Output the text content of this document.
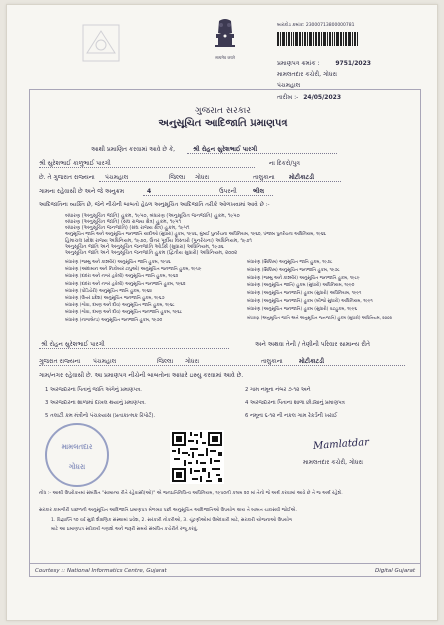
सत्यमेव जयते
બારકોડ ક્રમાંક: 23000713800000781
પ્રમાણપત્ર ક્રમાંક :	9751/2023
મામલતદાર કચેરી, ગોધરા
પંચમહાલ
તારીખ :- 24/05/2023
ગુજરાત સરકાર
અનુસૂચિત આદિજાતિ પ્રમાણપત્ર
આથી પ્રમાણિત કરવામાં આવે છે કે,	શ્રી રોહન સુરેશભાઈ પારગી
શ્રી સુરેશભાઈ કાળુભાઈ પારગી	ના દિકરો/પુત્ર
છે. તે ગુજરાત રાજ્યના પંચમહાલ	જિલ્લા ગોધરા	તાલુકાના મોટીકાટડી
ગામના રહેવાસી છે અને જે અનુક્રમ	4	ઉપરની	ભીલ
આદિજાતિના વ્યક્તિ છે, જેને નીચેની બાબતો હેઠળ અનુસૂચિત આદિજાતિ તરીકે ઓળખવામાં આવે છે :-
બંધારણ (અનુસૂચિત જાતિ) હુકમ, ૧૯૫૦, બંધારણ (અનુસૂચિત જનજાતિ) હુકમ, ૧૯૫૦
બંધારણ (અનુસૂચિત જાતિ) (સંઘ રાજ્ય ક્ષેત્ર) હુકમ, ૧૯૫૧
બંધારણ (અનુસૂચિત જનજાતિ) (સંઘ રાજ્ય ક્ષેત્ર) હુકમ, ૧૯૫૧
અનુસૂચિત જાતિ અને અનુસૂચિત જનજાતિ યાદીઓ (સુધારા) હુકમ, ૧૯૫૬, મુંબઈ પુનર્રચના અધિનિયમ, ૧૯૬૦, પંજાબ પુનર્રચના અધિનિયમ, ૧૯૬૬
હિમાચલ પ્રદેશ રાજ્ય અધિનિયમ, ૧૯૭૦, ઉત્તર પૂર્વીય વિસ્તારો (પુનર્રચના) અધિનિયમ, ૧૯૭૧
અનુસૂચિત જાતિ અને અનુસૂચિત જનજાતિ ઓર્ડર્સ (સુધારા) અધિનિયમ, ૧૯૭૬
અનુસૂચિત જાતિ અને અનુસૂચિત જનજાતિ હુકમ (દ્વિતીય સુધારો) અધિનિયમ, ૨૦૦૨
બંધારણ (જમ્મુ અને કાશ્મીર) અનુસૂચિત જાતિ હુકમ, ૧૯૫૬
બંધારણ (આંદામાન અને નિકોબાર ટાપુઓ) અનુસૂચિત જનજાતિ હુકમ, ૧૯૫૯
બંધારણ (દાદરા અને નગર હવેલી) અનુસૂચિત જાતિ હુકમ, ૧૯૬૨
બંધારણ (દાદરા અને નગર હવેલી) અનુસૂચિત જનજાતિ હુકમ, ૧૯૬૨
બંધારણ (પોંડિચેરી) અનુસૂચિત જાતિ હુકમ, ૧૯૬૪
બંધારણ (ઉત્તર પ્રદેશ) અનુસૂચિત જનજાતિ હુકમ, ૧૯૬૭
બંધારણ (ગોવા, દમણ અને દીવ) અનુસૂચિત જાતિ હુકમ, ૧૯૬૮
બંધારણ (ગોવા, દમણ અને દીવ) અનુસૂચિત જનજાતિ હુકમ, ૧૯૬૮
બંધારણ (નાગાલેન્ડ) અનુસૂચિત જનજાતિ હુકમ, ૧૯૭૦
બંધારણ (સિક્કિમ) અનુસૂચિત જાતિ હુકમ, ૧૯૭૮
બંધારણ (સિક્કિમ) અનુસૂચિત જનજાતિ હુકમ, ૧૯૭૮
બંધારણ (જમ્મુ અને કાશ્મીર) અનુસૂચિત જનજાતિ હુકમ, ૧૯૮૯
બંધારણ (અનુસૂચિત જાતિ) હુકમ (સુધારો) અધિનિયમ, ૧૯૯૦
બંધારણ (અનુસૂચિત જનજાતિ) હુકમ (સુધારો) અધિનિયમ, ૧૯૯૧
બંધારણ (અનુસૂચિત જનજાતિ) હુકમ (બીજો સુધારો) અધિનિયમ, ૧૯૯૧
બંધારણ (અનુસૂચિત જનજાતિ) હુકમ (સુધારો) વટહુકમ, ૧૯૯૬
બંધારણ (અનુસૂચિત જાતિ અને અનુસૂચિત જનજાતિ) હુકમ (સુધારો) અધિનિયમ, ૨૦૦૨
શ્રી રોહન સુરેશભાઈ પારગી	અને અથવા તેની / તેણીની પરિવાર સામાન્ય રીતે
ગુજરાત રાજ્યના પંચમહાલ	જિલ્લા ગોધરા	તાલુકાના	મોટીકાટડી
ગામ/નગર રહેવાસી છે. આ પ્રમાણપત્ર નીચેની બાબતોના આધારે ઇસ્યુ કરવામાં આવે છે.
1 અરજદારના પિતાનું જાતિ અંગેનું પ્રમાણપત્ર.	2 ગામ નમૂના નંબર ૭-૧૨ અને
3 અરજદારના શાળામાં દાખલ થયાનું પ્રમાણપત્ર.	4 અરજદારના પિતાના શાળા છોડ્યાનું પ્રમાણપત્ર
5 તલાટી કમ મંત્રીનો પંચકયાસ (પ્રતાકાત્મક રિપોર્ટ).	6 નમૂના ૬-૧૨ ની નકલ ગામ રેકર્ડની ખરાઈ
મામલતદાર
ગોધરા
Mamlatdar
મામલતદાર કચેરી, ગોધરા
નોંધ :- આથી ઉપરોક્તમાં સંબંધિત "સામાન્ય રીતે રહેવાસી(ઓ)" એ જનપ્રતિનિધિત્વ અધિનિયમ, ૧૯૫૦ની કલમ ૨૦ માં તેનો જે અર્થ કરવામાં આવે છે તે જ અર્થ રહેશે.
સરકાર કામગીરી પાછળની અનુસૂચિત આદિજાતિ પ્રમાણપત્ર મેળવ્યા પછી અનુસૂચિત આદિજાતિઓ ઉપયોગ થાય તે બાબત ચકાસવી જોઈએ.
1. વિજ્ઞાપ્તિ ૧૦ વર્ષ સુધી શૈક્ષણિક સંસ્થામાં પ્રવેશ, 2. સરકારી નોકરીઓ, 3. ચૂંટણીઓમાં ઉમેદવારી માટે, સરકારી યોજનાઓ ઉપયોગ
માટે આ પ્રમાણપત્ર સ્વીકાર્ય ગણાશે અને જરૂરી સમયે સંબંધિત કચેરીને રજૂ કરવું.
Courtesy :: National Informatics Centre, Gujarat	Digital Gujarat
